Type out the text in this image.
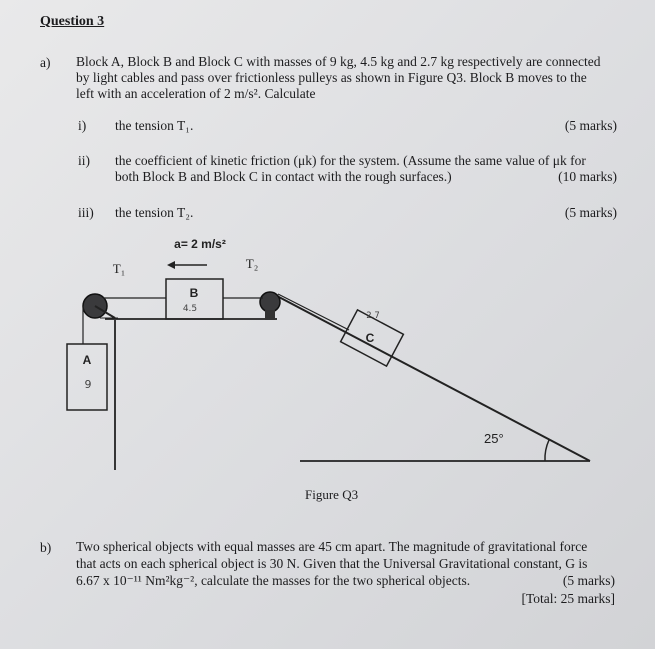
Question 3
a) Block A, Block B and Block C with masses of 9 kg, 4.5 kg and 2.7 kg respectively are connected
by light cables and pass over frictionless pulleys as shown in Figure Q3. Block B moves to the
left with an acceleration of 2 m/s². Calculate
i) the tension T₁.	(5 marks)
ii) the coefficient of kinetic friction (μk) for the system. (Assume the same value of μk for
both Block B and Block C in contact with the rough surfaces.)	(10 marks)
iii) the tension T₂.	(5 marks)
25°
A
9
B
4.5
C
2.7
a= 2 m/s²
T₁	T₂
Figure Q3
b) Two spherical objects with equal masses are 45 cm apart. The magnitude of gravitational force
that acts on each spherical object is 30 N. Given that the Universal Gravitational constant, G is
6.67 x 10⁻¹¹ Nm²kg⁻², calculate the masses for the two spherical objects.	(5 marks)
[Total: 25 marks]
